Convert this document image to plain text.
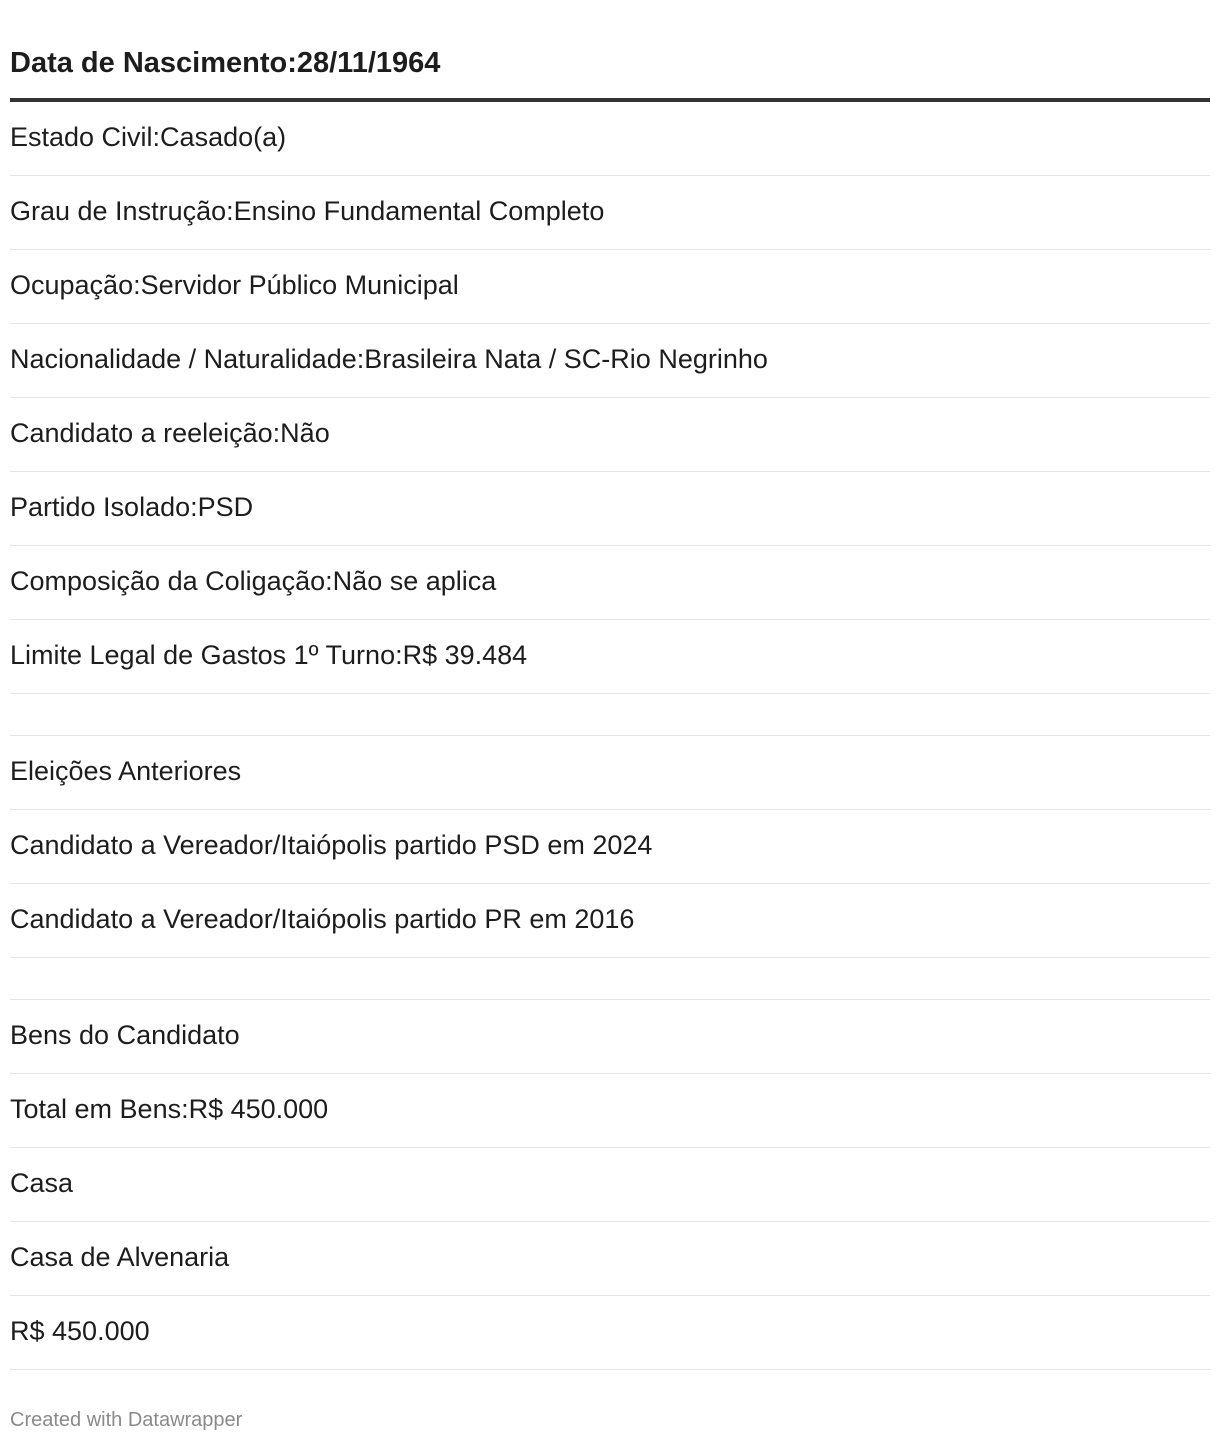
Data de Nascimento:28/11/1964
Estado Civil:Casado(a)
Grau de Instrução:Ensino Fundamental Completo
Ocupação:Servidor Público Municipal
Nacionalidade / Naturalidade:Brasileira Nata / SC-Rio Negrinho
Candidato a reeleição:Não
Partido Isolado:PSD
Composição da Coligação:Não se aplica
Limite Legal de Gastos 1º Turno:R$ 39.484
Eleições Anteriores
Candidato a Vereador/Itaiópolis partido PSD em 2024
Candidato a Vereador/Itaiópolis partido PR em 2016
Bens do Candidato
Total em Bens:R$ 450.000
Casa
Casa de Alvenaria
R$ 450.000
Created with Datawrapper
